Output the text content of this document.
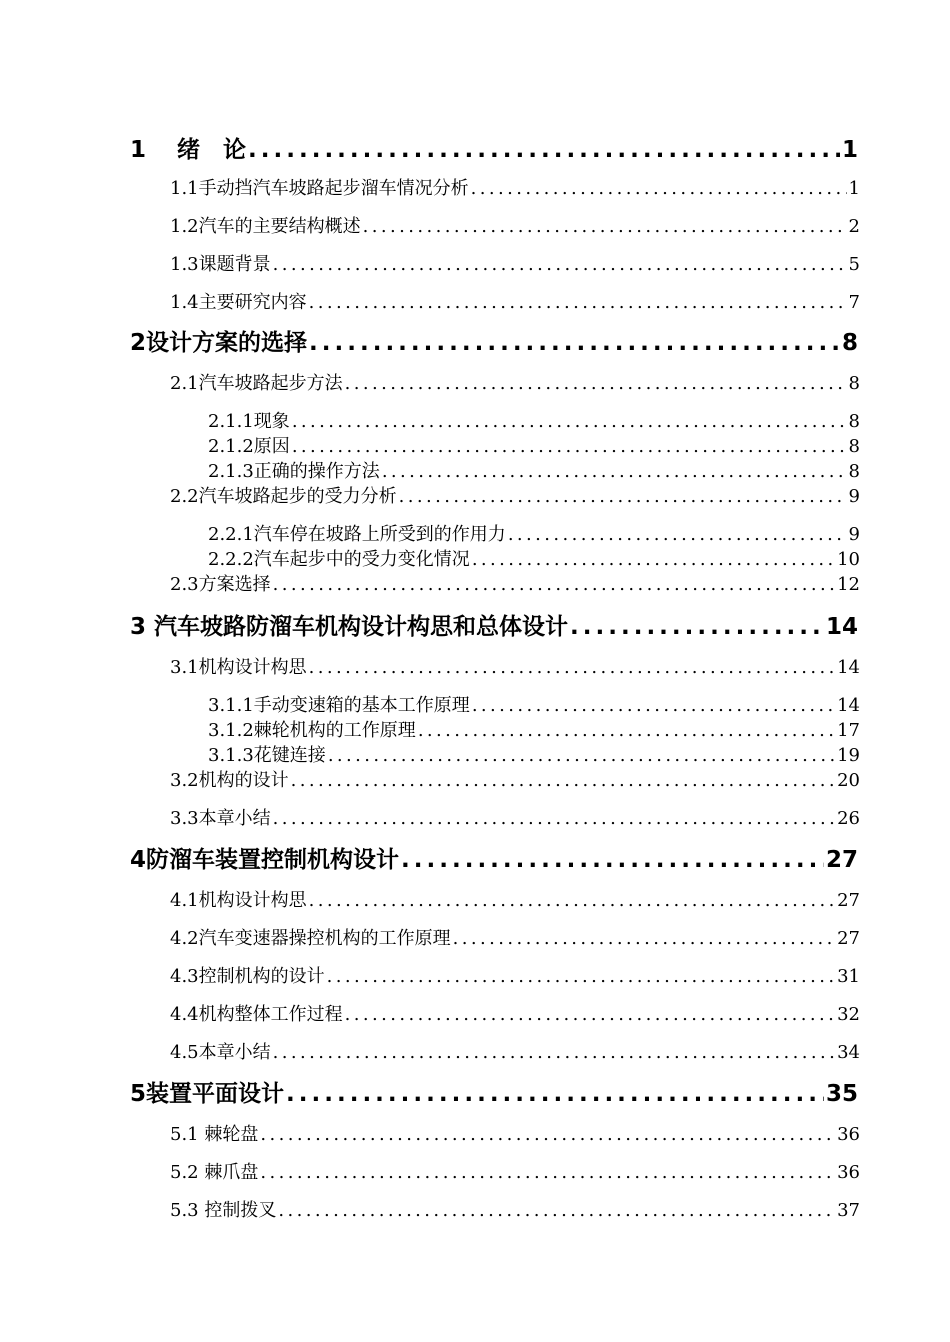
1　 绪　论 .....	1
1.1手动挡汽车坡路起步溜车情况分析 .....	1
1.2汽车的主要结构概述 .....	2
1.3课题背景 .....	5
1.4主要研究内容 .....	7
2设计方案的选择 .....	8
2.1汽车坡路起步方法 .....	8
2.1.1现象 .....	8
2.1.2原因 .....	8
2.1.3正确的操作方法 .....	8
2.2汽车坡路起步的受力分析 .....	9
2.2.1汽车停在坡路上所受到的作用力 .....	9
2.2.2汽车起步中的受力变化情况 .....	10
2.3方案选择 .....	12
3 汽车坡路防溜车机构设计构思和总体设计 .....	14
3.1机构设计构思 .....	14
3.1.1手动变速箱的基本工作原理 .....	14
3.1.2棘轮机构的工作原理 .....	17
3.1.3花键连接 .....	19
3.2机构的设计 .....	20
3.3本章小结 .....	26
4防溜车装置控制机构设计 .....	27
4.1机构设计构思 .....	27
4.2汽车变速器操控机构的工作原理 .....	27
4.3控制机构的设计 .....	31
4.4机构整体工作过程 .....	32
4.5本章小结 .....	34
5装置平面设计 .....	35
5.1 棘轮盘 .....	36
5.2 棘爪盘 .....	36
5.3 控制拨叉 .....	37
